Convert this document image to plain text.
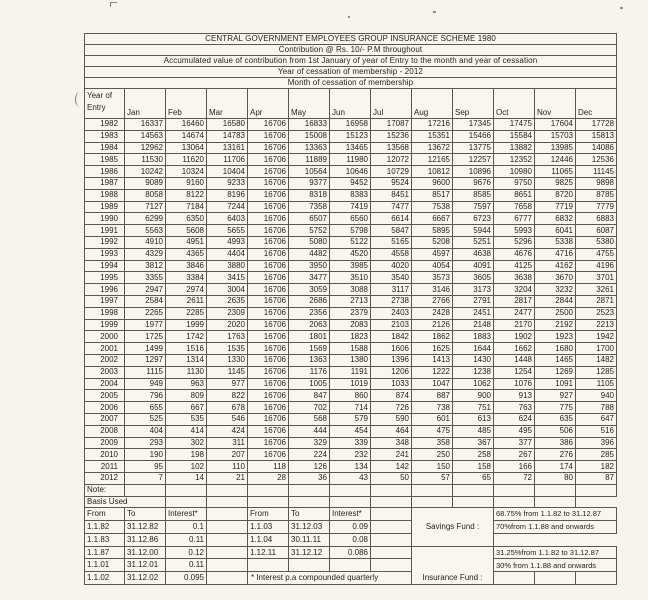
CENTRAL GOVERNMENT EMPLOYEES GROUP INSURANCE SCHEME 1980												
Contribution @ Rs. 10/- P.M throughout												
Accumulated value of contribution from 1st January of year of Entry to the month and year of cessation												
Year of cessation of membership - 2012												
Month of cessation of membership												
Year of Entry	Jan	Feb	Mar	Apr	May	Jun	Jul	Aug	Sep	Oct	Nov	Dec
1982	16337	16460	16580	16706	16833	16958	17087	17216	17345	17475	17604	17728
1983	14563	14674	14783	16706	15008	15123	15236	15351	15466	15584	15703	15813
1984	12962	13064	13161	16706	13363	13465	13568	13672	13775	13882	13985	14086
1985	11530	11620	11706	16706	11889	11980	12072	12165	12257	12352	12446	12536
1986	10242	10324	10404	16706	10564	10646	10729	10812	10896	10980	11065	11145
1987	9089	9160	9233	16706	9377	9452	9524	9600	9676	9750	9825	9898
1988	8058	8122	8196	16706	8318	8383	8451	8517	8585	8651	8720	8785
1989	7127	7184	7244	16706	7358	7419	7477	7538	7597	7658	7719	7779
1990	6299	6350	6403	16706	6507	6560	6614	6667	6723	6777	6832	6883
1991	5563	5608	5655	16706	5752	5798	5847	5895	5944	5993	6041	6087
1992	4910	4951	4993	16706	5080	5122	5165	5208	5251	5296	5338	5380
1993	4329	4365	4404	16706	4482	4520	4558	4597	4638	4676	4716	4755
1994	3812	3846	3880	16706	3950	3985	4020	4054	4091	4125	4162	4196
1995	3355	3384	3415	16706	3477	3510	3540	3573	3605	3638	3670	3701
1996	2947	2974	3004	16706	3059	3088	3117	3146	3173	3204	3232	3261
1997	2584	2611	2635	16706	2686	2713	2738	2766	2791	2817	2844	2871
1998	2265	2285	2309	16706	2356	2379	2403	2428	2451	2477	2500	2523
1999	1977	1999	2020	16706	2063	2083	2103	2126	2148	2170	2192	2213
2000	1725	1742	1763	16706	1801	1823	1842	1862	1883	1902	1923	1942
2001	1499	1516	1535	16706	1569	1588	1606	1625	1644	1662	1680	1700
2002	1297	1314	1330	16706	1363	1380	1396	1413	1430	1448	1465	1482
2003	1115	1130	1145	16706	1176	1191	1206	1222	1238	1254	1269	1285
2004	949	963	977	16706	1005	1019	1033	1047	1062	1076	1091	1105
2005	796	809	822	16706	847	860	874	887	900	913	927	940
2006	655	667	678	16706	702	714	726	738	751	763	775	788
2007	525	535	546	16706	568	579	590	601	613	624	635	647
2008	404	414	424	16706	444	454	464	475	485	495	506	516
2009	293	302	311	16706	329	339	348	358	367	377	386	396
2010	190	198	207	16706	224	232	241	250	258	267	276	285
2011	95	102	110	118	126	134	142	150	158	166	174	182
2012	7	14	21	28	36	43	50	57	65	72	80	87
Note:												
Basis Used												
From	To	Interest*		From	To	Interest*		Savings Fund :		68.75% from 1.1.82 to 31.12.87		
1.1.82	31.12.82	0.1		1.1.03	31.12.03	0.09				70%from 1.1.88 and onwards		
1.1.83	31.12.86	0.11		1.1.04	30.11.11	0.08						
1.1.87	31.12.00	0.12		1.12.11	31.12.12	0.086		Insurance Fund :		31.25%from 1.1.82 to 31.12.87		
1.1.01	31.12.01	0.11								30% from 1.1.88 and onwards		
1.1.02	31.12.02	0.095		* Interest p.a compounded quarterly								
